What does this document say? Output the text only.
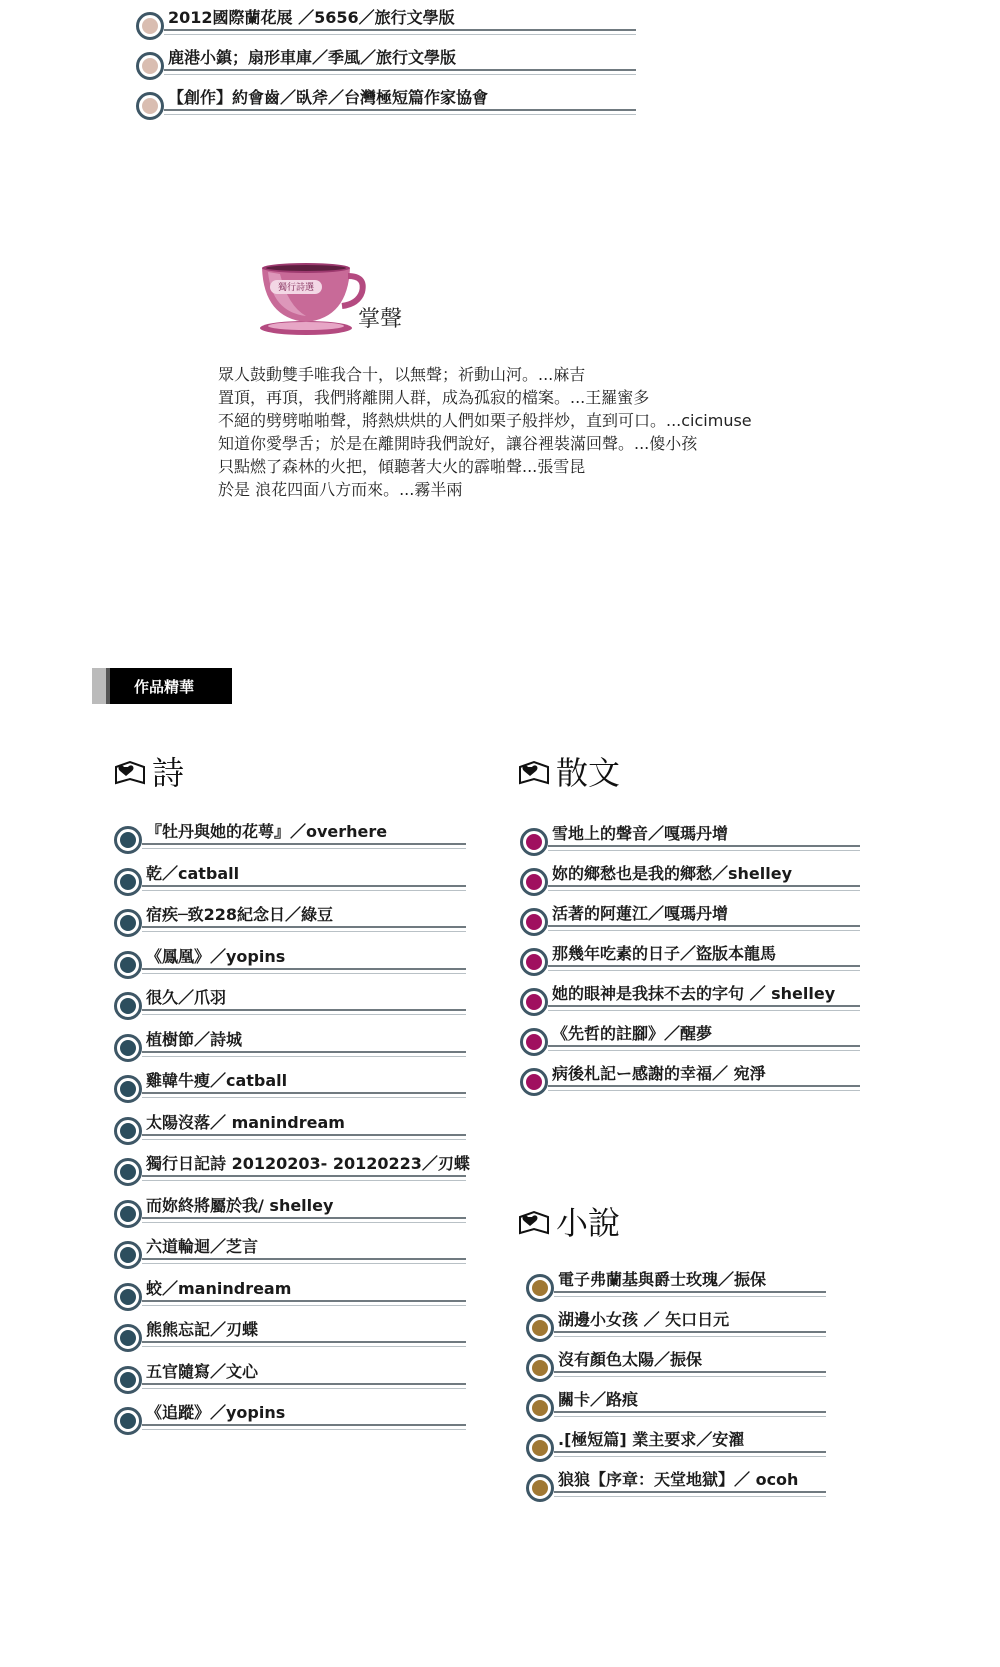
2012國際蘭花展 ／5656／旅行文學版
鹿港小鎮；扇形車庫／季風／旅行文學版
【創作】約會齒／臥斧／台灣極短篇作家協會
獨行詩選
掌聲
眾人鼓動雙手唯我合十，以無聲；祈動山河。...麻吉
置頂，再頂，我們將離開人群，成為孤寂的檔案。...王羅蜜多
不絕的劈劈啪啪聲，將熱烘烘的人們如栗子般拌炒，直到可口。...cicimuse
知道你愛學舌；於是在離開時我們說好，讓谷裡裝滿回聲。...傻小孩
只點燃了森林的火把，傾聽著大火的霹啪聲...張雪昆
於是 浪花四面八方而來。...霧半兩
作品精華
詩	散文
小說
『牡丹與她的花萼』／overhere
乾／catball
宿疾─致228紀念日／綠豆
《鳳凰》／yopins
很久／爪羽
植樹節／詩城
雞韓牛瘦／catball
太陽沒落／ manindream
獨行日記詩 20120203- 20120223／刃蝶
而妳終將屬於我/ shelley
六道輪迴／芝言
蛟／manindream
熊熊忘記／刃蝶
五官隨寫／文心
《追蹤》／yopins
雪地上的聲音／嘎瑪丹增
妳的鄉愁也是我的鄉愁／shelley
活著的阿蓮江／嘎瑪丹增
那幾年吃素的日子／盜版本龍馬
她的眼神是我抹不去的字句 ／ shelley
《先哲的註腳》／醒夢
病後札記ー感謝的幸福／ 宛淨
電子弗蘭基與爵士玫瑰／振保
湖邊小女孩 ／ 矢口日元
沒有顏色太陽／振保
關卡／路痕
.[極短篇] 業主要求／安濯
狼狼【序章：天堂地獄】／ ocoh
